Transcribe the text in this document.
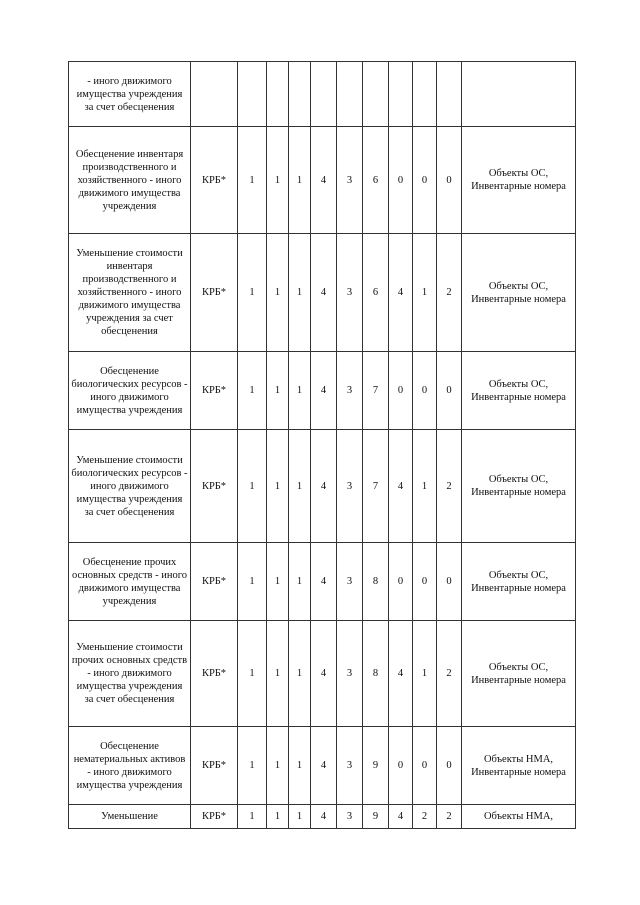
- иного движимого имущества учреждения за счет обесценения											
Обесценение инвентаря производственного и хозяйственного - иного движимого имущества учреждения	КРБ*	1	1	1	4	3	6	0	0	0	Объекты ОС, Инвентарные номера
Уменьшение стоимости инвентаря производственного и хозяйственного - иного движимого имущества учреждения за счет обесценения	КРБ*	1	1	1	4	3	6	4	1	2	Объекты ОС, Инвентарные номера
Обесценение биологических ресурсов - иного движимого имущества учреждения	КРБ*	1	1	1	4	3	7	0	0	0	Объекты ОС, Инвентарные номера
Уменьшение стоимости биологических ресурсов - иного движимого имущества учреждения за счет обесценения	КРБ*	1	1	1	4	3	7	4	1	2	Объекты ОС, Инвентарные номера
Обесценение прочих основных средств - иного движимого имущества учреждения	КРБ*	1	1	1	4	3	8	0	0	0	Объекты ОС, Инвентарные номера
Уменьшение стоимости прочих основных средств - иного движимого имущества учреждения за счет обесценения	КРБ*	1	1	1	4	3	8	4	1	2	Объекты ОС, Инвентарные номера
Обесценение нематериальных активов - иного движимого имущества учреждения	КРБ*	1	1	1	4	3	9	0	0	0	Объекты НМА, Инвентарные номера
Уменьшение	КРБ*	1	1	1	4	3	9	4	2	2	Объекты НМА,
